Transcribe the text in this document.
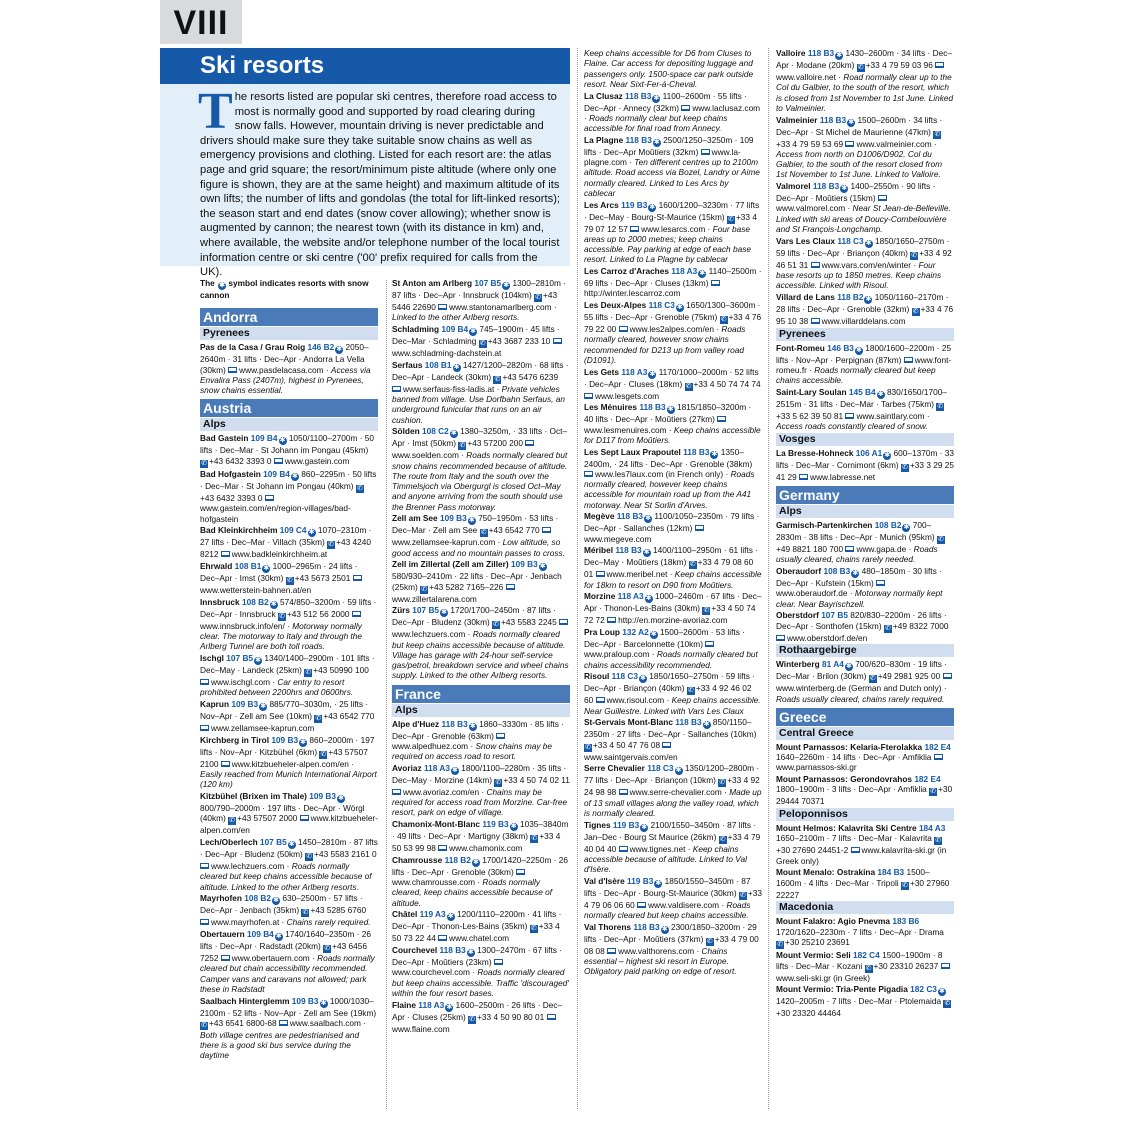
VIII
Ski resorts
The resorts listed are popular ski centres, therefore road access to most is normally good and supported by road clearing during snow falls. However, mountain driving is never predictable and drivers should make sure they take suitable snow chains as well as emergency provisions and clothing. Listed for each resort are: the atlas page and grid square; the resort/minimum piste altitude (where only one figure is shown, they are at the same height) and maximum altitude of its own lifts; the number of lifts and gondolas (the total for lift-linked resorts); the season start and end dates (snow cover allowing); whether snow is augmented by cannon; the nearest town (with its distance in km) and, where available, the website and/or telephone number of the local tourist information centre or ski centre ('00' prefix required for calls from the UK).
The ✱ symbol indicates resorts with snow cannon
Andorra
Pyrenees
Pas de la Casa / Grau Roig 146 B2 ✱ 2050–2640m · 31 lifts · Dec–Apr · Andorra La Vella (30km) www.pasdelacasa.com · Access via Envalira Pass (2407m), highest in Pyrenees, snow chains essential.
Austria
Alps
Bad Gastein 109 B4 ✱ 1050/1100–2700m · 50 lifts · Dec–Mar · St Johann im Pongau (45km) ✆ +43 6432 3393 0 www.gastein.com
Bad Hofgastein 109 B4 ✱ 860–2295m · 50 lifts · Dec–Mar · St Johann im Pongau (40km) ✆+43 6432 3393 0 www.gastein.com/en/region-villages/bad-hofgastein
Bad Kleinkirchheim 109 C4 ✱ 1070–2310m · 27 lifts · Dec–Mar · Villach (35km) ✆ +43 4240 8212 www.badkleinkirchheim.at
Ehrwald 108 B1 ✱ 1000–2965m · 24 lifts · Dec–Apr · Imst (30km) ✆ +43 5673 2501 www.wetterstein-bahnen.at/en
Innsbruck 108 B2 ✱ 574/850–3200m · 59 lifts · Dec–Apr · Innsbruck ✆ +43 512 56 2000 www.innsbruck.info/en/ · Motorway normally clear. The motorway to Italy and through the Arlberg Tunnel are both toll roads.
Ischgl 107 B5 ✱ 1340/1400–2900m · 101 lifts · Dec–May · Landeck (25km) ✆ +43 50990 100 www.ischgl.com · Car entry to resort prohibited between 2200hrs and 0600hrs.
Kaprun 109 B3 ✱ 885/770–3030m, · 25 lifts · Nov–Apr · Zell am See (10km) ✆ +43 6542 770 www.zellamsee-kaprun.com
Kirchberg in Tirol 109 B3 ✱ 860–2000m · 197 lifts · Nov–Apr · Kitzbühel (6km) ✆ +43 57507 2100 www.kitzbueheler-alpen.com/en · Easily reached from Munich International Airport (120 km)
Kitzbühel (Brixen im Thale) 109 B3 ✱ 800/790–2000m · 197 lifts · Dec–Apr · Wörgl (40km) ✆ +43 57507 2000 www.kitzbueheler-alpen.com/en
Lech/Oberlech 107 B5 ✱ 1450–2810m · 87 lifts · Dec–Apr · Bludenz (50km) ✆ +43 5583 2161 0 www.lechzuers.com · Roads normally cleared but keep chains accessible because of altitude. Linked to the other Arlberg resorts.
Mayrhofen 108 B2 ✱ 630–2500m · 57 lifts · Dec–Apr · Jenbach (35km) ✆ +43 5285 6760 www.mayrhofen.at · Chains rarely required.
Obertauern 109 B4 ✱ 1740/1640–2350m · 26 lifts · Dec–Apr · Radstadt (20km) ✆ +43 6456 7252 www.obertauern.com · Roads normally cleared but chain accessibility recommended. Camper vans and caravans not allowed; park these in Radstadt
Saalbach Hinterglemm 109 B3 ✱ 1000/1030–2100m · 52 lifts · Nov–Apr · Zell am See (19km) ✆ +43 6541 6800-68 www.saalbach.com · Both village centres are pedestrianised and there is a good ski bus service during the daytime
St Anton am Arlberg 107 B5 ✱ 1300–2810m · 87 lifts · Dec–Apr · Innsbruck (104km) ✆ +43 5446 22690 www.stantonamarlberg.com · Linked to the other Arlberg resorts.
Schladming 109 B4 ✱ 745–1900m · 45 lifts · Dec–Mar · Schladming ✆ +43 3687 233 10 www.schladming-dachstein.at
Serfaus 108 B1 ✱ 1427/1200–2820m · 68 lifts · Dec–Apr · Landeck (30km) ✆ +43 5476 6239 www.serfaus-fiss-ladis.at · Private vehicles banned from village. Use Dorfbahn Serfaus, an underground funicular that runs on an air cushion.
Sölden 108 C2 ✱ 1380–3250m, · 33 lifts · Oct–Apr · Imst (50km) ✆ +43 57200 200 www.soelden.com · Roads normally cleared but snow chains recommended because of altitude. The route from Italy and the south over the Timmelsjoch via Obergurgl is closed Oct–May and anyone arriving from the south should use the Brenner Pass motorway.
Zell am See 109 B3 ✱ 750–1950m · 53 lifts · Dec–Mar · Zell am See ✆ +43 6542 770 www.zellamsee-kaprun.com · Low altitude, so good access and no mountain passes to cross.
Zell im Zillertal (Zell am Ziller) 109 B3 ✱ 580/930–2410m · 22 lifts · Dec–Apr · Jenbach (25km) ✆ +43 5282 7165–226 www.zillertalarena.com
Zürs 107 B5 ✱ 1720/1700–2450m · 87 lifts · Dec–Apr · Bludenz (30km) ✆ +43 5583 2245 www.lechzuers.com · Roads normally cleared but keep chains accessible because of altitude. Village has garage with 24-hour self-service gas/petrol, breakdown service and wheel chains supply. Linked to the other Arlberg resorts.
France
Alps
Alpe d'Huez 118 B3 ✱ 1860–3330m · 85 lifts · Dec–Apr · Grenoble (63km) www.alpedhuez.com · Snow chains may be required on access road to resort.
Avoriaz 118 A3 ✱ 1800/1100–2280m · 35 lifts · Dec–May · Morzine (14km) ✆ +33 4 50 74 02 11 www.avoriaz.com/en · Chains may be required for access road from Morzine. Car-free resort, park on edge of village.
Chamonix-Mont-Blanc 119 B3 ✱ 1035–3840m · 49 lifts · Dec–Apr · Martigny (38km) ✆ +33 4 50 53 99 98 www.chamonix.com
Chamrousse 118 B2 ✱ 1700/1420–2250m · 26 lifts · Dec–Apr · Grenoble (30km) www.chamrousse.com · Roads normally cleared, keep chains accessible because of altitude.
Châtel 119 A3 ✱ 1200/1110–2200m · 41 lifts · Dec–Apr · Thonon-Les-Bains (35km) ✆ +33 4 50 73 22 44 www.chatel.com
Courchevel 118 B3 ✱ 1300–2470m · 67 lifts · Dec–Apr · Moûtiers (23km) www.courchevel.com · Roads normally cleared but keep chains accessible. Traffic 'discouraged' within the four resort bases.
Flaine 118 A3 ✱ 1600–2500m · 26 lifts · Dec–Apr · Cluses (25km) ✆ +33 4 50 90 80 01 www.flaine.com
Keep chains accessible for D6 from Cluses to Flaine. Car access for depositing luggage and passengers only. 1500-space car park outside resort. Near Sixt-Fer-á-Cheval.
La Clusaz 118 B3 ✱ 1100–2600m · 55 lifts · Dec–Apr · Annecy (32km) www.laclusaz.com · Roads normally clear but keep chains accessible for final road from Annecy.
La Plagne 118 B3 ✱ 2500/1250–3250m · 109 lifts · Dec–Apr Moûtiers (32km) www.la-plagne.com · Ten different centres up to 2100m altitude. Road access via Bozel, Landry or Aime normally cleared. Linked to Les Arcs by cablecar
Les Arcs 119 B3 ✱ 1600/1200–3230m · 77 lifts · Dec–May · Bourg-St-Maurice (15km) ✆ +33 4 79 07 12 57 www.lesarcs.com · Four base areas up to 2000 metres; keep chains accessible. Pay parking at edge of each base resort. Linked to La Plagne by cablecar
Les Carroz d'Araches 118 A3 ✱ 1140–2500m · 69 lifts · Dec–Apr · Cluses (13km) http://winter.lescarroz.com
Les Deux-Alpes 118 C3 ✱ 1650/1300–3600m · 55 lifts · Dec–Apr · Grenoble (75km) ✆ +33 4 76 79 22 00 www.les2alpes.com/en · Roads normally cleared, however snow chains recommended for D213 up from valley road (D1091).
Les Gets 118 A3 ✱ 1170/1000–2000m · 52 lifts · Dec–Apr · Cluses (18km) ✆ +33 4 50 74 74 74 www.lesgets.com
Les Ménuires 118 B3 ✱ 1815/1850–3200m · 40 lifts · Dec–Apr · Moûtiers (27km) www.lesmenuires.com · Keep chains accessible for D117 from Moûtiers.
Les Sept Laux Prapoutel 118 B3 ✱ 1350–2400m, · 24 lifts · Dec–Apr · Grenoble (38km) www.les7laux.com (in French only) · Roads normally cleared, however keep chains accessible for mountain road up from the A41 motorway. Near St Sorlin d'Arves.
Megève 118 B3 ✱ 1100/1050–2350m · 79 lifts · Dec–Apr · Sallanches (12km) www.megeve.com
Méribel 118 B3 ✱ 1400/1100–2950m · 61 lifts · Dec–May · Moûtiers (18km) ✆ +33 4 79 08 60 01 www.meribel.net · Keep chains accessible for 18km to resort on D90 from Moûtiers.
Morzine 118 A3 ✱ 1000–2460m · 67 lifts · Dec–Apr · Thonon-Les-Bains (30km) ✆ +33 4 50 74 72 72 http://en.morzine-avoriaz.com
Pra Loup 132 A2 ✱ 1500–2600m · 53 lifts · Dec–Apr · Barcelonnette (10km) www.praloup.com · Roads normally cleared but chains accessibility recommended.
Risoul 118 C3 ✱ 1850/1650–2750m · 59 lifts · Dec–Apr · Briançon (40km) ✆ +33 4 92 46 02 60 www.risoul.com · Keep chains accessible. Near Guillestre. Linked with Vars Les Claux
St-Gervais Mont-Blanc 118 B3 ✱ 850/1150–2350m · 27 lifts · Dec–Apr · Sallanches (10km) ✆ +33 4 50 47 76 08 www.saintgervais.com/en
Serre Chevalier 118 C3 ✱ 1350/1200–2800m · 77 lifts · Dec–Apr · Briançon (10km) ✆ +33 4 92 24 98 98 www.serre-chevalier.com · Made up of 13 small villages along the valley road, which is normally cleared.
Tignes 119 B3 ✱ 2100/1550–3450m · 87 lifts · Jan–Dec · Bourg St Maurice (26km) ✆ +33 4 79 40 04 40 www.tignes.net · Keep chains accessible because of altitude. Linked to Val d'Isère.
Val d'Isère 119 B3 ✱ 1850/1550–3450m · 87 lifts · Dec–Apr · Bourg-St-Maurice (30km) ✆ +33 4 79 06 06 60 www.valdisere.com · Roads normally cleared but keep chains accessible.
Val Thorens 118 B3 ✱ 2300/1850–3200m · 29 lifts · Dec–Apr · Moûtiers (37km) ✆ +33 4 79 00 08 08 www.valthorens.com · Chains essential – highest ski resort in Europe. Obligatory paid parking on edge of resort.
Valloire 118 B3 ✱ 1430–2600m · 34 lifts · Dec–Apr · Modane (20km) ✆ +33 4 79 59 03 96 www.valloire.net · Road normally clear up to the Col du Galbier, to the south of the resort, which is closed from 1st November to 1st June. Linked to Valmeinier.
Valmeinier 118 B3 ✱ 1500–2600m · 34 lifts · Dec–Apr · St Michel de Maurienne (47km) ✆+33 4 79 59 53 69 www.valmeinier.com · Access from north on D1006/D902. Col du Galbier, to the south of the resort closed from 1st November to 1st June. Linked to Valloire.
Valmorel 118 B3 ✱ 1400–2550m · 90 lifts · Dec–Apr · Moûtiers (15km) www.valmorel.com · Near St Jean-de-Belleville. Linked with ski areas of Doucy-Combelouvière and St François-Longchamp.
Vars Les Claux 118 C3 ✱ 1850/1650–2750m · 59 lifts · Dec–Apr · Briançon (40km) ✆ +33 4 92 46 51 31 www.vars.com/en/winter · Four base resorts up to 1850 metres. Keep chains accessible. Linked with Risoul.
Villard de Lans 118 B2 ✱ 1050/1160–2170m · 28 lifts · Dec–Apr · Grenoble (32km) ✆ +33 4 76 95 10 38 www.villarddelans.com
Pyrenees
Font-Romeu 146 B3 ✱ 1800/1600–2200m · 25 lifts · Nov–Apr · Perpignan (87km) www.font-romeu.fr · Roads normally cleared but keep chains accessible.
Saint-Lary Soulan 145 B4 ✱ 830/1650/1700–2515m · 31 lifts · Dec–Mar · Tarbes (75km) ✆+33 5 62 39 50 81 www.saintlary.com · Access roads constantly cleared of snow.
Vosges
La Bresse-Hohneck 106 A1 ✱ 600–1370m · 33 lifts · Dec–Mar · Cornimont (6km) ✆ +33 3 29 25 41 29 www.labresse.net
Germany
Alps
Garmisch-Partenkirchen 108 B2 ✱ 700–2830m · 38 lifts · Dec–Apr · Munich (95km) ✆+49 8821 180 700 www.gapa.de · Roads usually cleared, chains rarely needed.
Oberaudorf 108 B3 ✱ 480–1850m · 30 lifts · Dec–Apr · Kufstein (15km) www.oberaudorf.de · Motorway normally kept clear. Near Bayrischzell.
Oberstdorf 107 B5 820/830–2200m · 26 lifts · Dec–Apr · Sonthofen (15km) ✆ +49 8322 7000 www.oberstdorf.de/en
Rothaargebirge
Winterberg 81 A4 ✱ 700/620–830m · 19 lifts · Dec–Mar · Brilon (30km) ✆ +49 2981 925 00 www.winterberg.de (German and Dutch only) · Roads usually cleared, chains rarely required.
Greece
Central Greece
Mount Parnassos: Kelaria-Fterolakka 182 E4 1640–2260m · 14 lifts · Dec–Apr · Amfiklia www.parnassos-ski.gr
Mount Parnassos: Gerondovrahos 182 E4 1800–1900m · 3 lifts · Dec–Apr · Amfiklia ✆ +30 29444 70371
Peloponnisos
Mount Helmos: Kalavrita Ski Centre 184 A3 1650–2100m · 7 lifts · Dec–Mar · Kalavrita ✆+30 27690 24451-2 www.kalavrita-ski.gr (in Greek only)
Mount Menalo: Ostrakina 184 B3 1500–1600m · 4 lifts · Dec–Mar · Tripoli ✆ +30 27960 22227
Macedonia
Mount Falakro: Agio Pnevma 183 B6 1720/1620–2230m · 7 lifts · Dec–Apr · Drama ✆ +30 25210 23691
Mount Vermio: Seli 182 C4 1500–1900m · 8 lifts · Dec–Mar · Kozani ✆ +30 23310 26237 www.seli-ski.gr (in Greek)
Mount Vermio: Tria-Pente Pigadia 182 C3 ✱ 1420–2005m · 7 lifts · Dec–Mar · Ptolemaida ✆+30 23320 44464
